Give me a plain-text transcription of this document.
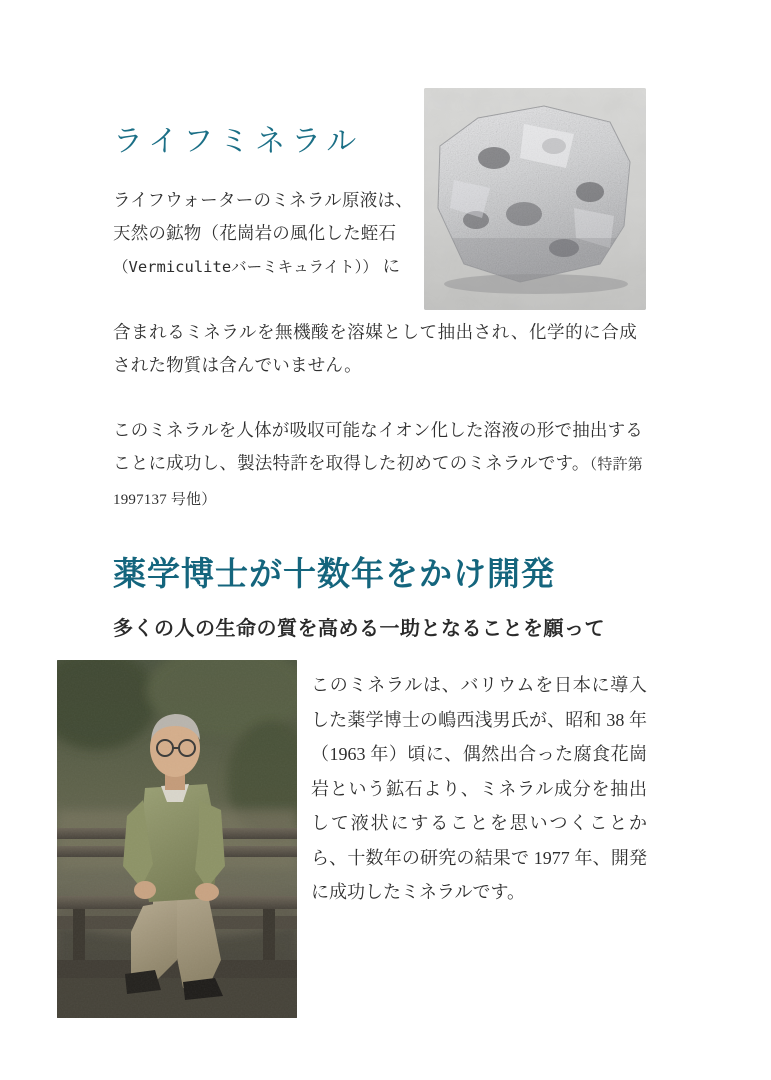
ライフミネラル
ライフウォーターのミネラル原液は、天然の鉱物（花崗岩の風化した蛭石
（Vermiculiteバーミキュライト）） に
含まれるミネラルを無機酸を溶媒として抽出され、化学的に合成された物質は含んでいません。
このミネラルを人体が吸収可能なイオン化した溶液の形で抽出することに成功し、製法特許を取得した初めてのミネラルです。（特許第 1997137 号他）
薬学博士が十数年をかけ開発
多くの人の生命の質を高める一助となることを願って
このミネラルは、バリウムを日本に導入した薬学博士の嶋西浅男氏が、昭和 38 年（1963 年）頃に、偶然出合った腐食花崗岩という鉱石より、ミネラル成分を抽出して液状にすることを思いつくことから、十数年の研究の結果で 1977 年、開発に成功したミネラルです。
